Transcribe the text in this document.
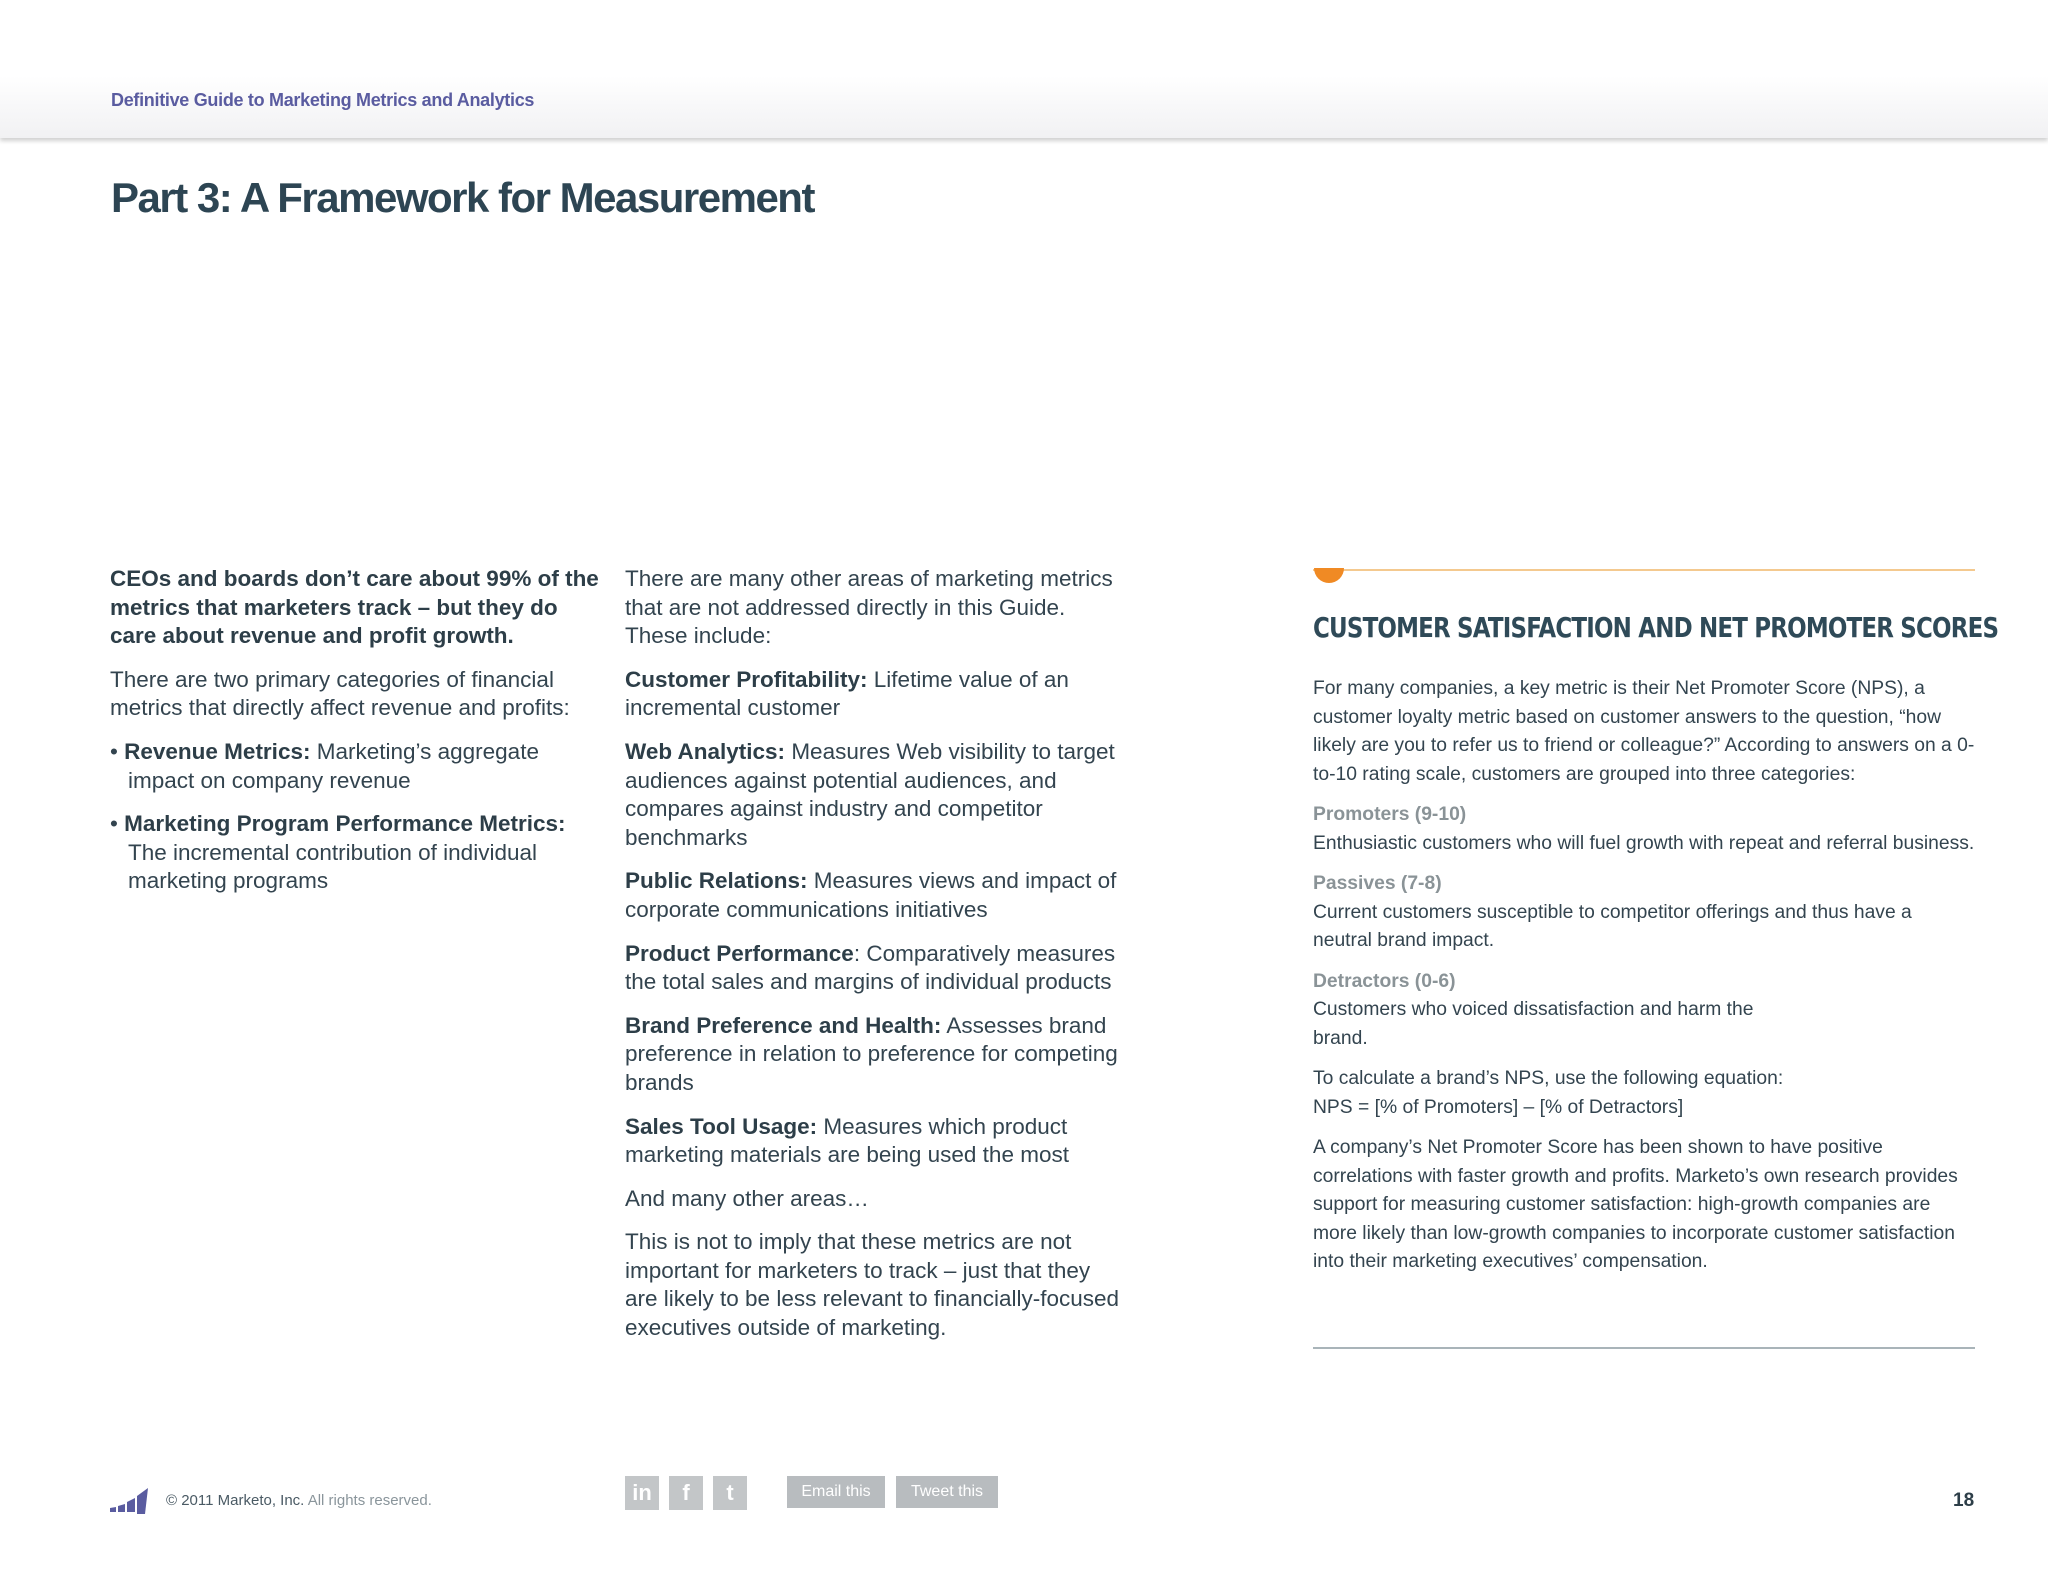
Definitive Guide to Marketing Metrics and Analytics
Part 3: A Framework for Measurement

CEOs and boards don’t care about 99% of the metrics that marketers track – but they do care about revenue and profit growth.

There are two primary categories of financial metrics that directly affect revenue and profits:

• Revenue Metrics: Marketing’s aggregate impact on company revenue
• Marketing Program Performance Metrics: The incremental contribution of individual marketing programs

There are many other areas of marketing metrics that are not addressed directly in this Guide. These include:

Customer Profitability: Lifetime value of an incremental customer

Web Analytics: Measures Web visibility to target audiences against potential audiences, and compares against industry and competitor benchmarks

Public Relations: Measures views and impact of corporate communications initiatives

Product Performance: Comparatively measures the total sales and margins of individual products

Brand Preference and Health: Assesses brand preference in relation to preference for competing brands

Sales Tool Usage: Measures which product marketing materials are being used the most

And many other areas…

This is not to imply that these metrics are not important for marketers to track – just that they are likely to be less relevant to financially-focused executives outside of marketing.

CUSTOMER SATISFACTION AND NET PROMOTER SCORES

For many companies, a key metric is their Net Promoter Score (NPS), a customer loyalty metric based on customer answers to the question, “how likely are you to refer us to friend or colleague?” According to answers on a 0-to-10 rating scale, customers are grouped into three categories:

Promoters (9-10)
Enthusiastic customers who will fuel growth with repeat and referral business.

Passives (7-8)
Current customers susceptible to competitor offerings and thus have a neutral brand impact.

Detractors (0-6)
Customers who voiced dissatisfaction and harm the brand.

To calculate a brand’s NPS, use the following equation:
NPS = [% of Promoters] – [% of Detractors]

A company’s Net Promoter Score has been shown to have positive correlations with faster growth and profits. Marketo’s own research provides support for measuring customer satisfaction: high-growth companies are more likely than low-growth companies to incorporate customer satisfaction into their marketing executives’ compensation.

© 2011 Marketo, Inc. All rights reserved.	in	f	t	Email this	Tweet this	18
